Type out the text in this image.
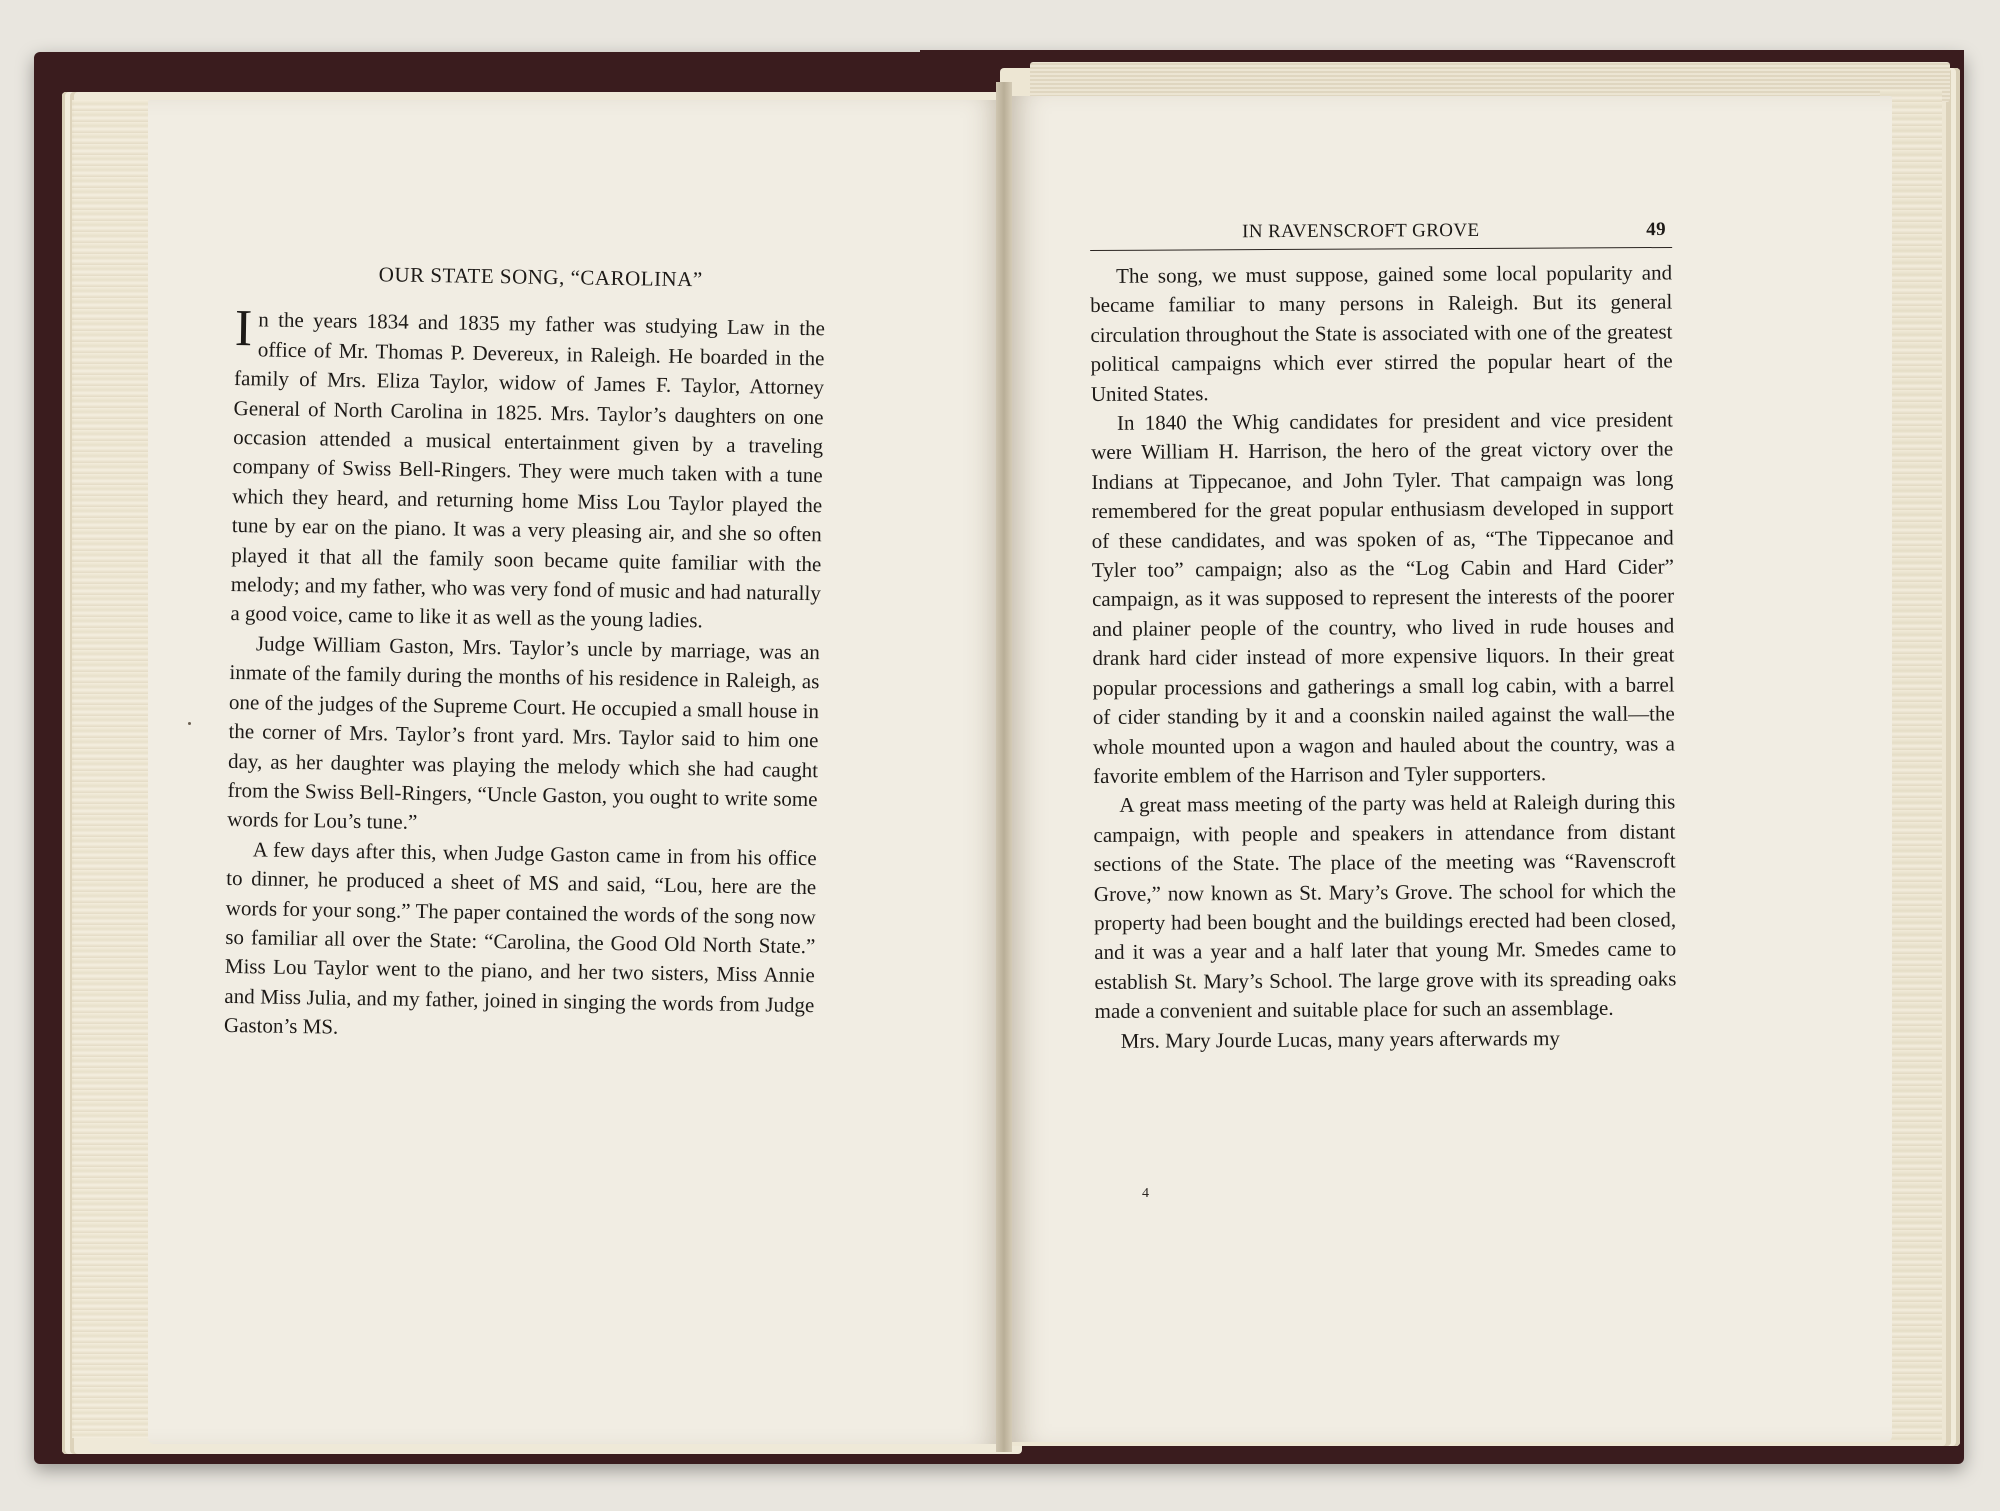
OUR STATE SONG, “CAROLINA”

In the years 1834 and 1835 my father was studying Law in the office of Mr. Thomas P. Devereux, in Raleigh. He boarded in the family of Mrs. Eliza Taylor, widow of James F. Taylor, Attorney General of North Carolina in 1825. Mrs. Taylor’s daughters on one occasion attended a musical entertainment given by a traveling company of Swiss Bell-Ringers. They were much taken with a tune which they heard, and returning home Miss Lou Taylor played the tune by ear on the piano. It was a very pleasing air, and she so often played it that all the family soon became quite familiar with the melody; and my father, who was very fond of music and had naturally a good voice, came to like it as well as the young ladies.

Judge William Gaston, Mrs. Taylor’s uncle by marriage, was an inmate of the family during the months of his residence in Raleigh, as one of the judges of the Supreme Court. He occupied a small house in the corner of Mrs. Taylor’s front yard. Mrs. Taylor said to him one day, as her daughter was playing the melody which she had caught from the Swiss Bell-Ringers, “Uncle Gaston, you ought to write some words for Lou’s tune.”

A few days after this, when Judge Gaston came in from his office to dinner, he produced a sheet of MS and said, “Lou, here are the words for your song.” The paper contained the words of the song now so familiar all over the State: “Carolina, the Good Old North State.” Miss Lou Taylor went to the piano, and her two sisters, Miss Annie and Miss Julia, and my father, joined in singing the words from Judge Gaston’s MS.

IN RAVENSCROFT GROVE	49

The song, we must suppose, gained some local popularity and became familiar to many persons in Raleigh. But its general circulation throughout the State is associated with one of the greatest political campaigns which ever stirred the popular heart of the United States.

In 1840 the Whig candidates for president and vice president were William H. Harrison, the hero of the great victory over the Indians at Tippecanoe, and John Tyler. That campaign was long remembered for the great popular enthusiasm developed in support of these candidates, and was spoken of as, “The Tippecanoe and Tyler too” campaign; also as the “Log Cabin and Hard Cider” campaign, as it was supposed to represent the interests of the poorer and plainer people of the country, who lived in rude houses and drank hard cider instead of more expensive liquors. In their great popular processions and gatherings a small log cabin, with a barrel of cider standing by it and a coonskin nailed against the wall—the whole mounted upon a wagon and hauled about the country, was a favorite emblem of the Harrison and Tyler supporters.

A great mass meeting of the party was held at Raleigh during this campaign, with people and speakers in attendance from distant sections of the State. The place of the meeting was “Ravenscroft Grove,” now known as St. Mary’s Grove. The school for which the property had been bought and the buildings erected had been closed, and it was a year and a half later that young Mr. Smedes came to establish St. Mary’s School. The large grove with its spreading oaks made a convenient and suitable place for such an assemblage.

Mrs. Mary Jourde Lucas, many years afterwards my

4
